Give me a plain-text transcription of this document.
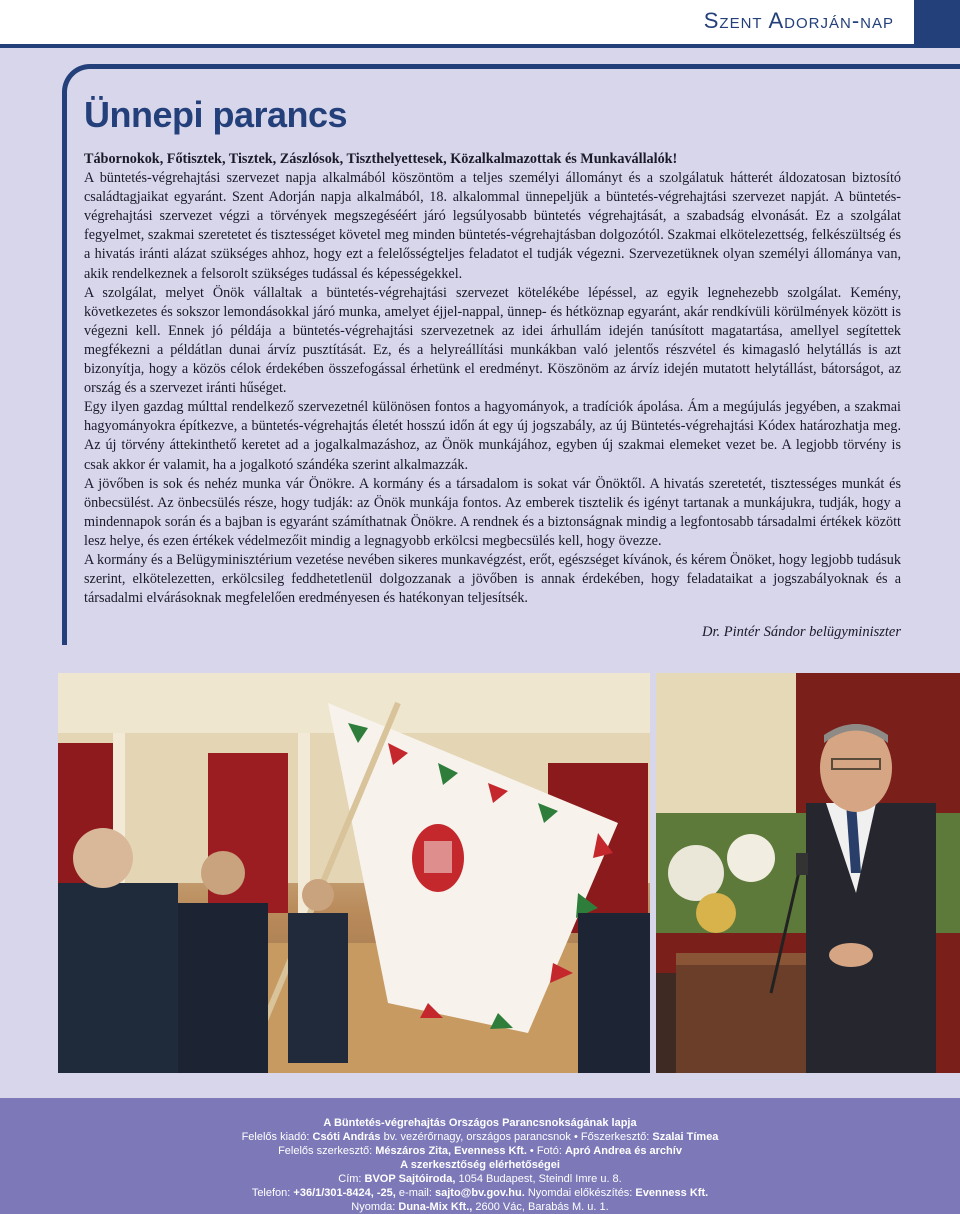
Szent Adorján-nap
Ünnepi parancs

Tábornokok, Főtisztek, Tisztek, Zászlósok, Tiszthelyettesek, Közalkalmazottak és Munkavállalók!

A büntetés-végrehajtási szervezet napja alkalmából köszöntöm a teljes személyi állományt és a szolgálatuk hátterét áldozatosan biztosító családtagjaikat egyaránt. Szent Adorján napja alkalmából, 18. alkalommal ünnepeljük a büntetés-végrehajtási szervezet napját. A büntetés-végrehajtási szervezet végzi a törvények megszegéséért járó legsúlyosabb büntetés végrehajtását, a szabadság elvonását. Ez a szolgálat fegyelmet, szakmai szeretetet és tisztességet követel meg minden büntetés-végrehajtásban dolgozótól. Szakmai elkötelezettség, felkészültség és a hivatás iránti alázat szükséges ahhoz, hogy ezt a felelősségteljes feladatot el tudják végezni. Szervezetüknek olyan személyi állománya van, akik rendelkeznek a felsorolt szükséges tudással és képességekkel.

A szolgálat, melyet Önök vállaltak a büntetés-végrehajtási szervezet kötelékébe lépéssel, az egyik legnehezebb szolgálat. Kemény, következetes és sokszor lemondásokkal járó munka, amelyet éjjel-nappal, ünnep- és hétköznap egyaránt, akár rendkívüli körülmények között is végezni kell. Ennek jó példája a büntetés-végrehajtási szervezetnek az idei árhullám idején tanúsított magatartása, amellyel segítettek megfékezni a példátlan dunai árvíz pusztítását. Ez, és a helyreállítási munkákban való jelentős részvétel és kimagasló helytállás is azt bizonyítja, hogy a közös célok érdekében összefogással érhetünk el eredményt. Köszönöm az árvíz idején mutatott helytállást, bátorságot, az ország és a szervezet iránti hűséget.

Egy ilyen gazdag múlttal rendelkező szervezetnél különösen fontos a hagyományok, a tradíciók ápolása. Ám a megújulás jegyében, a szakmai hagyományokra építkezve, a büntetés-végrehajtás életét hosszú időn át egy új jogszabály, az új Büntetés-végrehajtási Kódex határozhatja meg. Az új törvény áttekinthető keretet ad a jogalkalmazáshoz, az Önök munkájához, egyben új szakmai elemeket vezet be. A legjobb törvény is csak akkor ér valamit, ha a jogalkotó szándéka szerint alkalmazzák.

A jövőben is sok és nehéz munka vár Önökre. A kormány és a társadalom is sokat vár Önöktől. A hivatás szeretetét, tisztességes munkát és önbecsülést. Az önbecsülés része, hogy tudják: az Önök munkája fontos. Az emberek tisztelik és igényt tartanak a munkájukra, tudják, hogy a mindennapok során és a bajban is egyaránt számíthatnak Önökre. A rendnek és a biztonságnak mindig a legfontosabb társadalmi értékek között lesz helye, és ezen értékek védelmezőit mindig a legnagyobb erkölcsi megbecsülés kell, hogy övezze.

A kormány és a Belügyminisztérium vezetése nevében sikeres munkavégzést, erőt, egészséget kívánok, és kérem Önöket, hogy legjobb tudásuk szerint, elkötelezetten, erkölcsileg feddhetetlenül dolgozzanak a jövőben is annak érdekében, hogy feladataikat a jogszabályoknak és a társadalmi elvárásoknak megfelelően eredményesen és hatékonyan teljesítsék.

Dr. Pintér Sándor belügyminiszter
A Büntetés-végrehajtás Országos Parancsnokságának lapja
Felelős kiadó: Csóti András bv. vezérőrnagy, országos parancsnok • Főszerkesztő: Szalai Tímea
Felelős szerkesztő: Mészáros Zita, Evenness Kft. • Fotó: Apró Andrea és archív
A szerkesztőség elérhetőségei
Cím: BVOP Sajtóiroda, 1054 Budapest, Steindl Imre u. 8.
Telefon: +36/1/301-8424, -25, e-mail: sajto@bv.gov.hu. Nyomdai előkészítés: Evenness Kft.
Nyomda: Duna-Mix Kft., 2600 Vác, Barabás M. u. 1.
